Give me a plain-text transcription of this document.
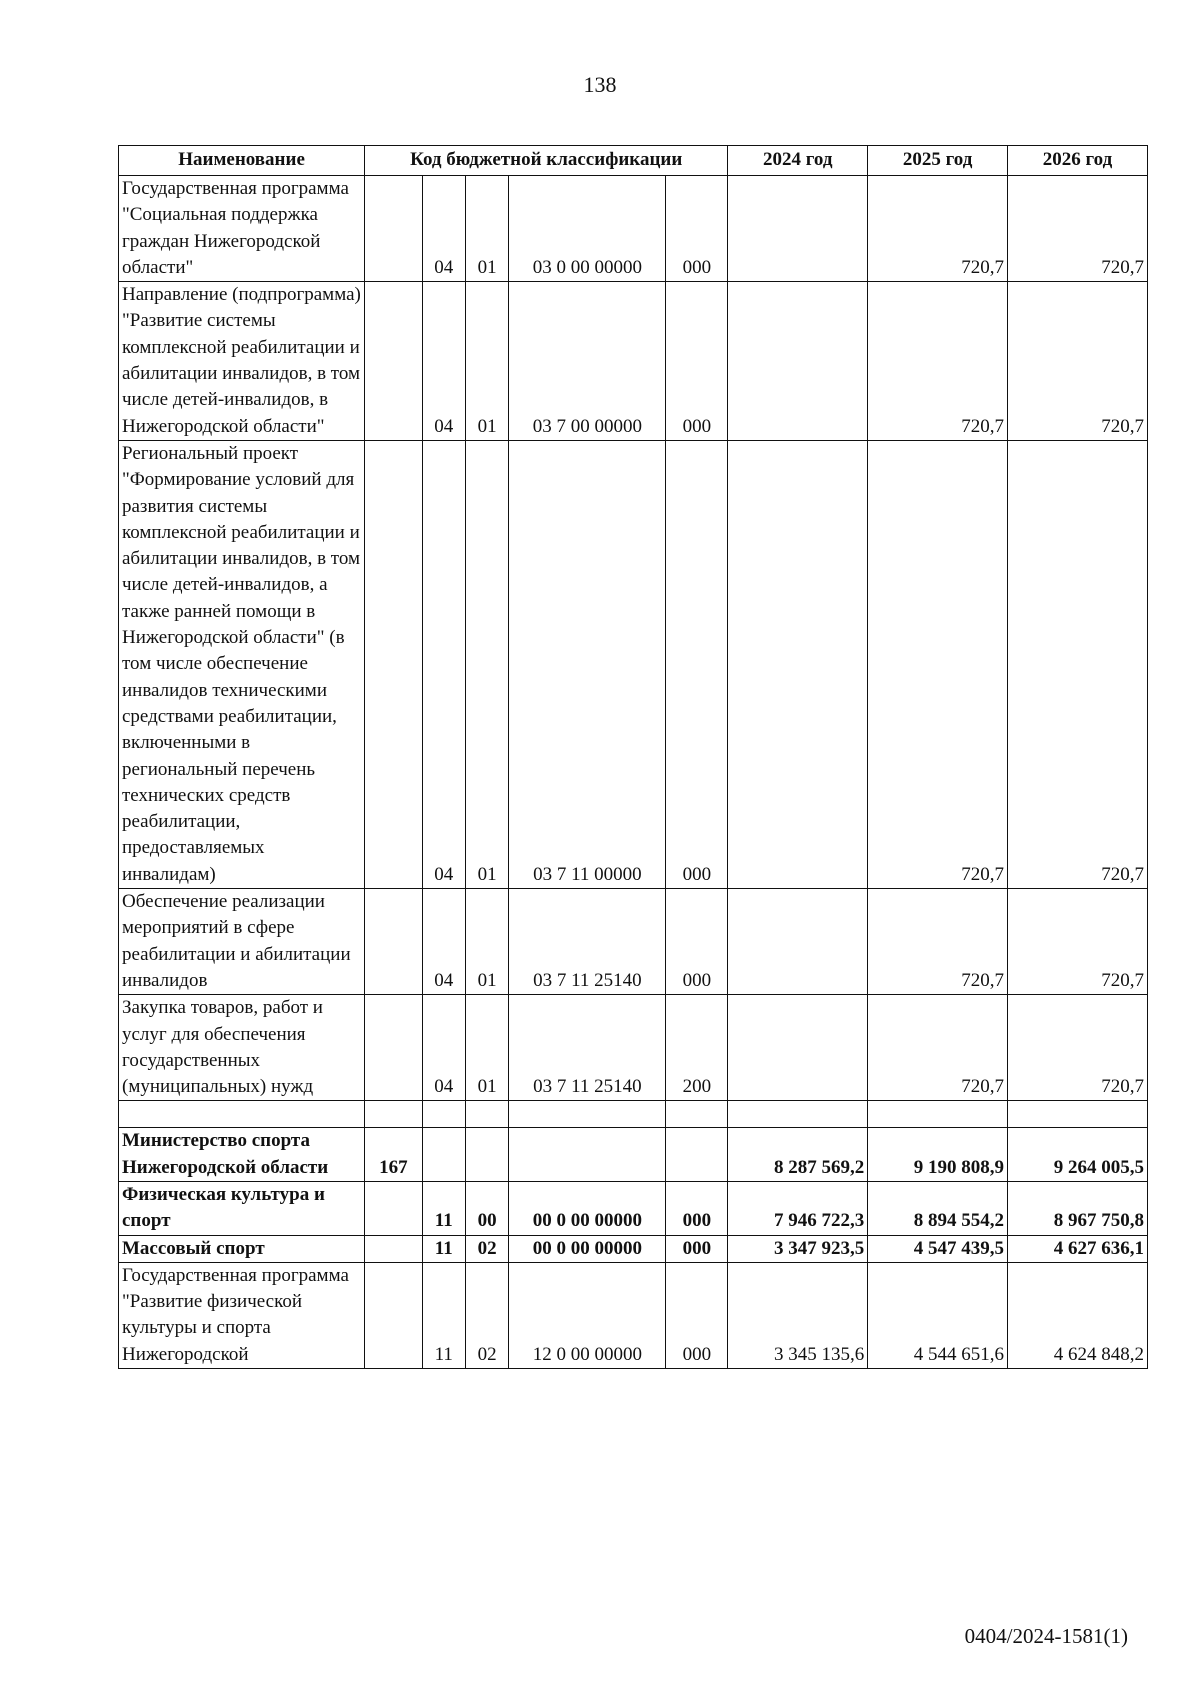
138
Наименование	Код бюджетной классификации					2024 год	2025 год	2026 год
Государственная программа "Социальная поддержка граждан Нижегородской области"		04	01	03 0 00 00000	000		720,7	720,7
Направление (подпрограмма) "Развитие системы комплексной реабилитации и абилитации инвалидов, в том числе детей-инвалидов, в Нижегородской области"		04	01	03 7 00 00000	000		720,7	720,7
Региональный проект "Формирование условий для развития системы комплексной реабилитации и абилитации инвалидов, в том числе детей-инвалидов, а также ранней помощи в Нижегородской области" (в том числе обеспечение инвалидов техническими средствами реабилитации, включенными в региональный перечень технических средств реабилитации, предоставляемых инвалидам)		04	01	03 7 11 00000	000		720,7	720,7
Обеспечение реализации мероприятий в сфере реабилитации и абилитации инвалидов		04	01	03 7 11 25140	000		720,7	720,7
Закупка товаров, работ и услуг для обеспечения государственных (муниципальных) нужд		04	01	03 7 11 25140	200		720,7	720,7

Министерство спорта Нижегородской области	167					8 287 569,2	9 190 808,9	9 264 005,5
Физическая культура и спорт		11	00	00 0 00 00000	000	7 946 722,3	8 894 554,2	8 967 750,8
Массовый спорт		11	02	00 0 00 00000	000	3 347 923,5	4 547 439,5	4 627 636,1
Государственная программа "Развитие физической культуры и спорта Нижегородской		11	02	12 0 00 00000	000	3 345 135,6	4 544 651,6	4 624 848,2
0404/2024-1581(1)
